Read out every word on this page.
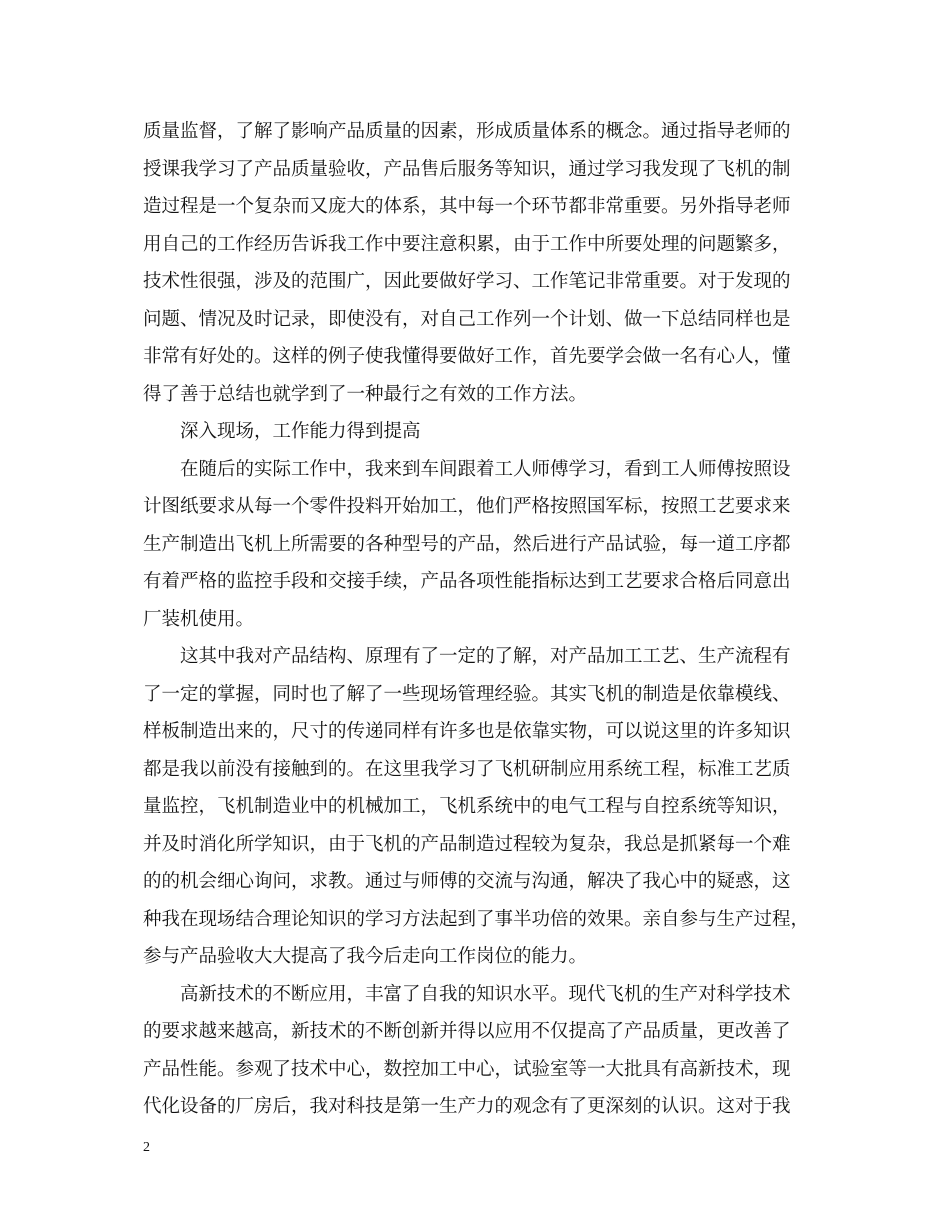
质量监督，了解了影响产品质量的因素，形成质量体系的概念。通过指导老师的
授课我学习了产品质量验收，产品售后服务等知识，通过学习我发现了飞机的制
造过程是一个复杂而又庞大的体系，其中每一个环节都非常重要。另外指导老师
用自己的工作经历告诉我工作中要注意积累，由于工作中所要处理的问题繁多，
技术性很强，涉及的范围广，因此要做好学习、工作笔记非常重要。对于发现的
问题、情况及时记录，即使没有，对自己工作列一个计划、做一下总结同样也是
非常有好处的。这样的例子使我懂得要做好工作，首先要学会做一名有心人，懂
得了善于总结也就学到了一种最行之有效的工作方法。
深入现场，工作能力得到提高
在随后的实际工作中，我来到车间跟着工人师傅学习，看到工人师傅按照设
计图纸要求从每一个零件投料开始加工，他们严格按照国军标，按照工艺要求来
生产制造出飞机上所需要的各种型号的产品，然后进行产品试验，每一道工序都
有着严格的监控手段和交接手续，产品各项性能指标达到工艺要求合格后同意出
厂装机使用。
这其中我对产品结构、原理有了一定的了解，对产品加工工艺、生产流程有
了一定的掌握，同时也了解了一些现场管理经验。其实飞机的制造是依靠模线、
样板制造出来的，尺寸的传递同样有许多也是依靠实物，可以说这里的许多知识
都是我以前没有接触到的。在这里我学习了飞机研制应用系统工程，标准工艺质
量监控，飞机制造业中的机械加工，飞机系统中的电气工程与自控系统等知识，
并及时消化所学知识，由于飞机的产品制造过程较为复杂，我总是抓紧每一个难
的的机会细心询问，求教。通过与师傅的交流与沟通，解决了我心中的疑惑，这
种我在现场结合理论知识的学习方法起到了事半功倍的效果。亲自参与生产过程，
参与产品验收大大提高了我今后走向工作岗位的能力。
高新技术的不断应用，丰富了自我的知识水平。现代飞机的生产对科学技术
的要求越来越高，新技术的不断创新并得以应用不仅提高了产品质量，更改善了
产品性能。参观了技术中心，数控加工中心，试验室等一大批具有高新技术，现
代化设备的厂房后，我对科技是第一生产力的观念有了更深刻的认识。这对于我
2
